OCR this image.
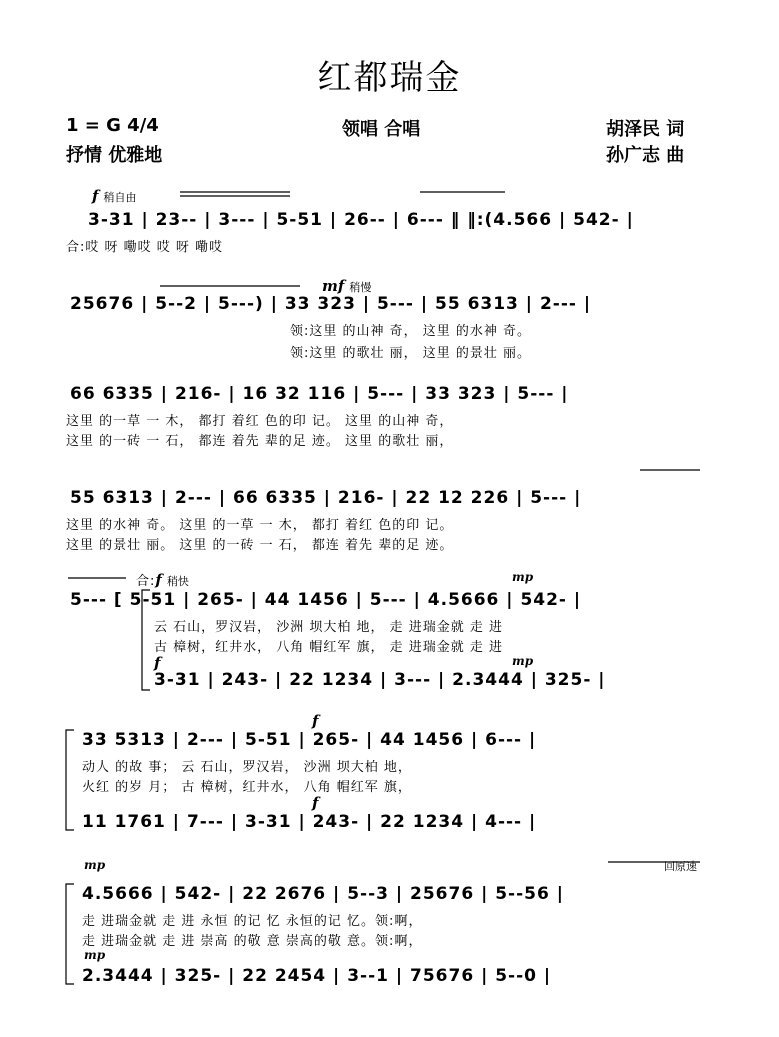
红都瑞金
1 = G 4/4	领唱 合唱	胡泽民 词
抒情 优雅地	孙广志 曲
f 稍自由
3-31 | 23-- | 3--- | 5-51 | 26-- | 6--- ‖ ‖:(4.566 | 542- |
合:哎 呀 嘞哎 哎 呀 嘞哎
mf 稍慢
25676 | 5--2 | 5---) | 33 323 | 5--- | 55 6313 | 2--- |
领:这里 的山神 奇， 这里 的水神 奇。
领:这里 的歌壮 丽， 这里 的景壮 丽。
66 6335 | 216- | 16 32 116 | 5--- | 33 323 | 5--- |
这里 的一草 一 木， 都打 着红 色的印 记。 这里 的山神 奇，
这里 的一砖 一 石， 都连 着先 辈的足 迹。 这里 的歌壮 丽，
55 6313 | 2--- | 66 6335 | 216- | 22 12 226 | 5--- |
这里 的水神 奇。 这里 的一草 一 木， 都打 着红 色的印 记。
这里 的景壮 丽。 这里 的一砖 一 石， 都连 着先 辈的足 迹。
合:f 稍快	mp
5--- [ 5-51 | 265- | 44 1456 | 5--- | 4.5666 | 542- |
云 石山，罗汉岩， 沙洲 坝大柏 地， 走 进瑞金就 走 进
古 樟树，红井水， 八角 帽红军 旗， 走 进瑞金就 走 进
f	mp
3-31 | 243- | 22 1234 | 3--- | 2.3444 | 325- |
f
33 5313 | 2--- | 5-51 | 265- | 44 1456 | 6--- |
动人 的故 事； 云 石山，罗汉岩， 沙洲 坝大柏 地，
火红 的岁 月； 古 樟树，红井水， 八角 帽红军 旗，
f
11 1761 | 7--- | 3-31 | 243- | 22 1234 | 4--- |
mp	回原速
4.5666 | 542- | 22 2676 | 5--3 | 25676 | 5--56 |
走 进瑞金就 走 进 永恒 的记 忆 永恒的记 忆。领:啊，
走 进瑞金就 走 进 崇高 的敬 意 崇高的敬 意。领:啊，
mp
2.3444 | 325- | 22 2454 | 3--1 | 75676 | 5--0 |
